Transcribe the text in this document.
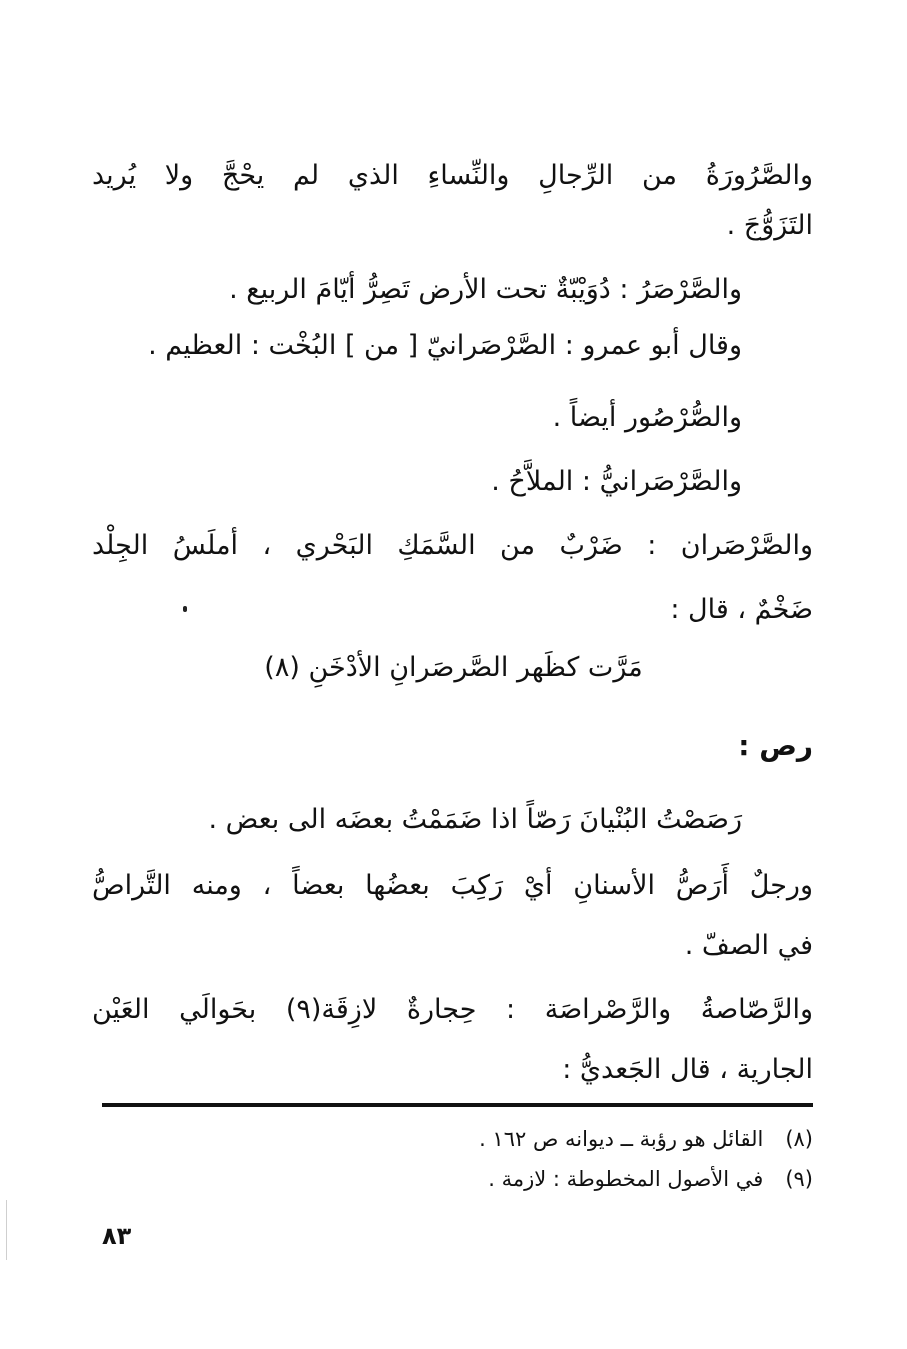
والصَّرُورَةُ من الرِّجالِ والنِّساءِ الذي لم يحْجَّ ولا يُريد
التَزَوُّجَ .
والصَّرْصَرُ : دُوَيْبّةٌ تحت الأرض تَصِرُّ أيّامَ الربيع .
وقال أبو عمرو : الصَّرْصَرانيّ [ من ] البُخْت : العظيم .
والصُّرْصُور أيضاً .
والصَّرْصَرانيُّ : الملاَّحُ .
والصَّرْصَران : ضَرْبٌ من السَّمَكِ البَحْري ، أملَسُ الجِلْد
ضَخْمٌ ، قال :
مَرَّت كظَهر الصَّرصَرانِ الأدْخَنِ (٨)
رص :
رَصَصْتُ البُنْيانَ رَصّاً اذا ضَمَمْتُ بعضَه الى بعض .
ورجلٌ أَرَصُّ الأسنانِ أيْ رَكِبَ بعضُها بعضاً ، ومنه التَّراصُّ
في الصفّ .
والرَّصّاصةُ والرَّصْراصَة : حِجارةٌ لازِقَة(٩) بحَوالَي العَيْن
الجارية ، قال الجَعديُّ :
(٨)القائل هو رؤبة ــ ديوانه ص ١٦٢ .
(٩)في الأصول المخطوطة : لازمة .
٨٣
